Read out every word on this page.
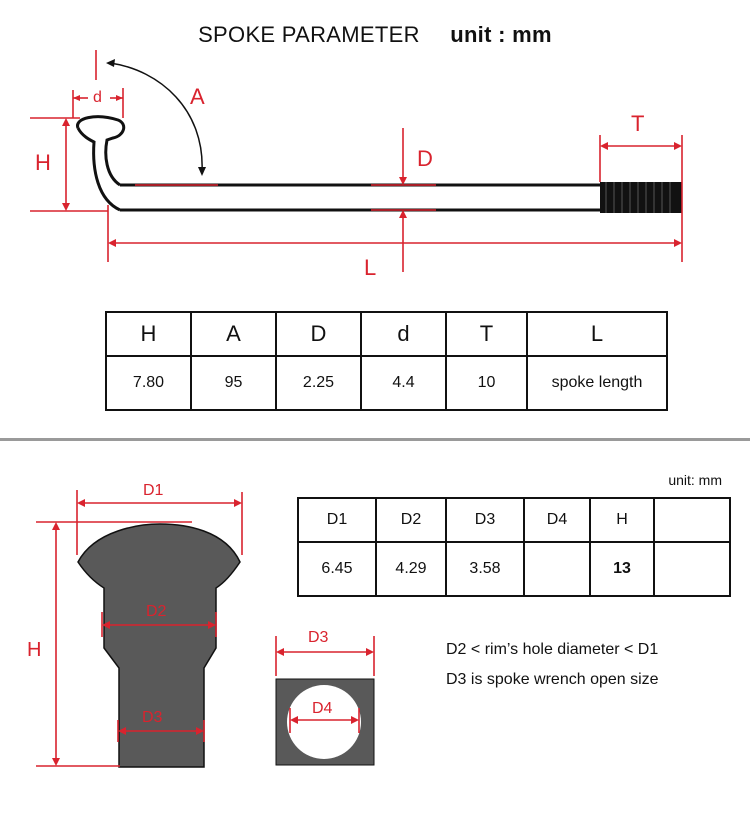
SPOKE PARAMETER unit : mm
d	A
H	D
T
L
H	A	D	d	T	L
7.80	95	2.25	4.4	10	spoke length
D1
H
D2
D3
D3
D4
unit: mm
D1	D2	D3	D4	H	
6.45	4.29	3.58		13	
D2 < rim’s hole diameter < D1
D3 is spoke wrench open size
